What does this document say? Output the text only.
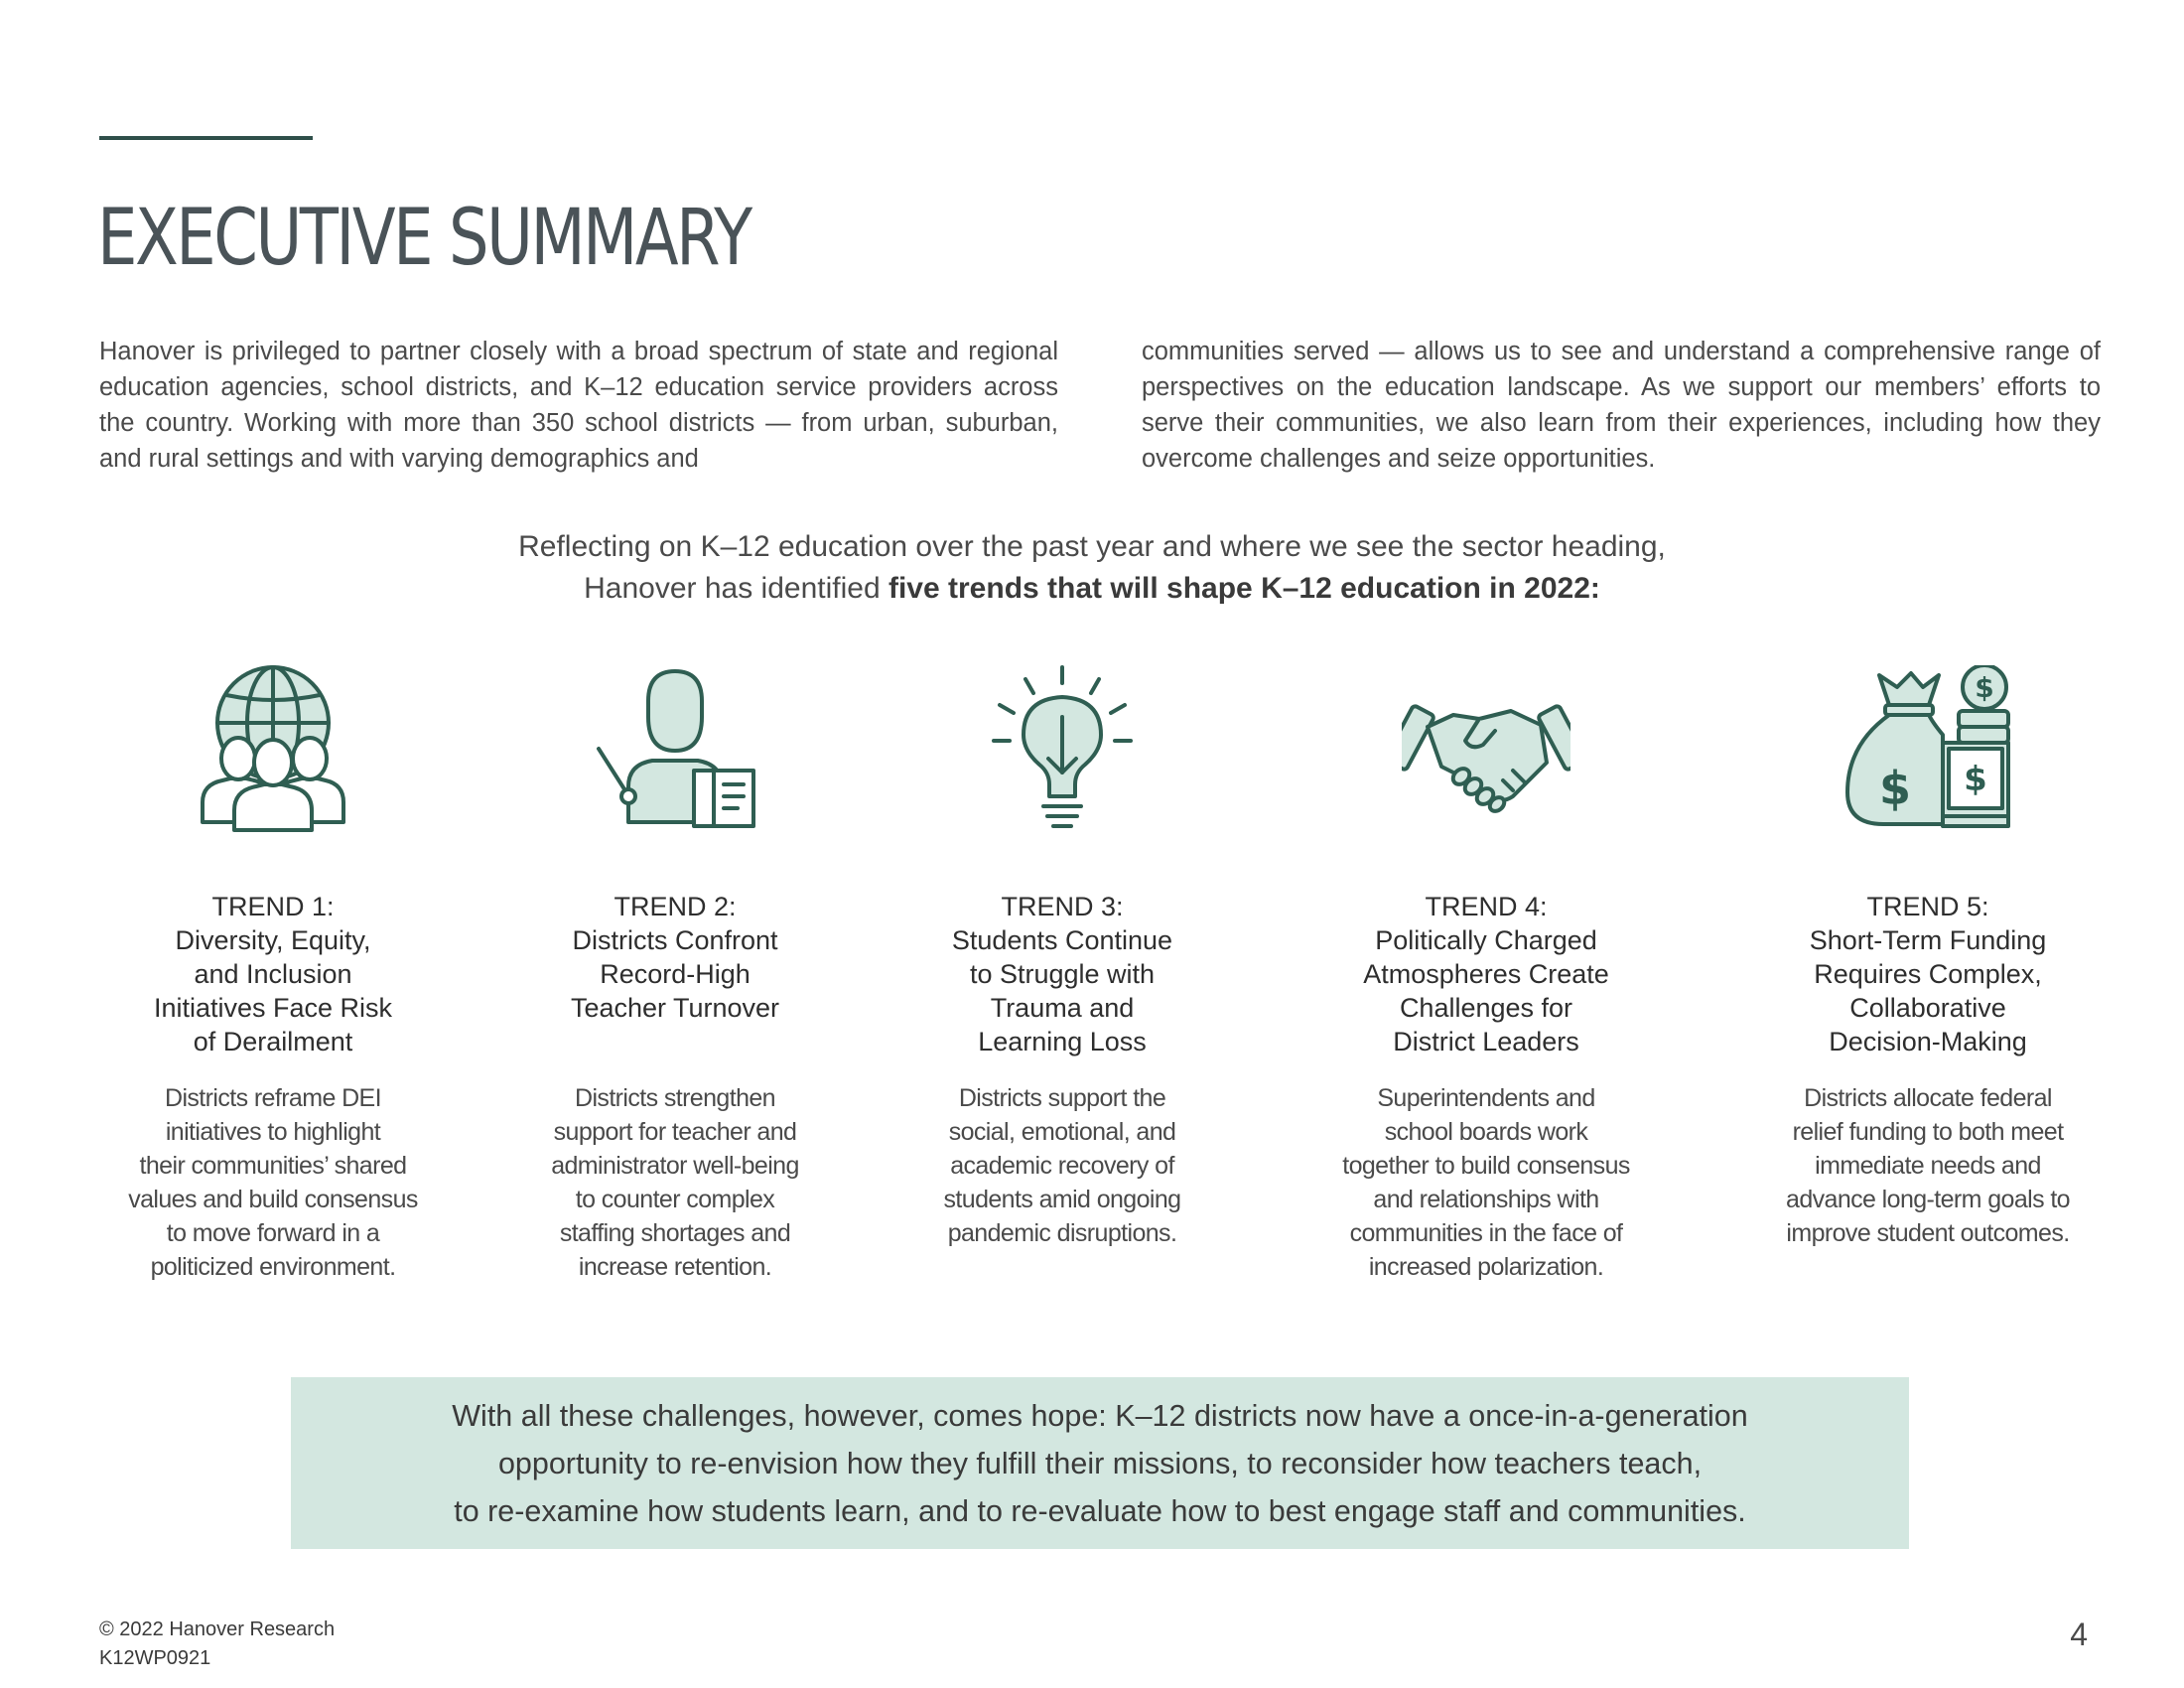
EXECUTIVE SUMMARY

Hanover is privileged to partner closely with a broad spectrum of state and regional education agencies, school districts, and K–12 education service providers across the country. Working with more than 350 school districts — from urban, suburban, and rural settings and with varying demographics and

communities served — allows us to see and understand a comprehensive range of perspectives on the education landscape. As we support our members’ efforts to serve their communities, we also learn from their experiences, including how they overcome challenges and seize opportunities.

Reflecting on K–12 education over the past year and where we see the sector heading,
Hanover has identified five trends that will shape K–12 education in 2022:
TREND 1:
Diversity, Equity,
and Inclusion
Initiatives Face Risk
of Derailment
Districts reframe DEI
initiatives to highlight
their communities’ shared
values and build consensus
to move forward in a
politicized environment.
TREND 2:
Districts Confront
Record-High
Teacher Turnover
Districts strengthen
support for teacher and
administrator well-being
to counter complex
staffing shortages and
increase retention.
TREND 3:
Students Continue
to Struggle with
Trauma and
Learning Loss
Districts support the
social, emotional, and
academic recovery of
students amid ongoing
pandemic disruptions.
TREND 4:
Politically Charged
Atmospheres Create
Challenges for
District Leaders
Superintendents and
school boards work
together to build consensus
and relationships with
communities in the face of
increased polarization.
$
$
$
TREND 5:
Short-Term Funding
Requires Complex,
Collaborative
Decision-Making
Districts allocate federal
relief funding to both meet
immediate needs and
advance long-term goals to
improve student outcomes.
With all these challenges, however, comes hope: K–12 districts now have a once-in-a-generation
opportunity to re-envision how they fulfill their missions, to reconsider how teachers teach,
to re-examine how students learn, and to re-evaluate how to best engage staff and communities.
© 2022 Hanover Research
K12WP0921
4
